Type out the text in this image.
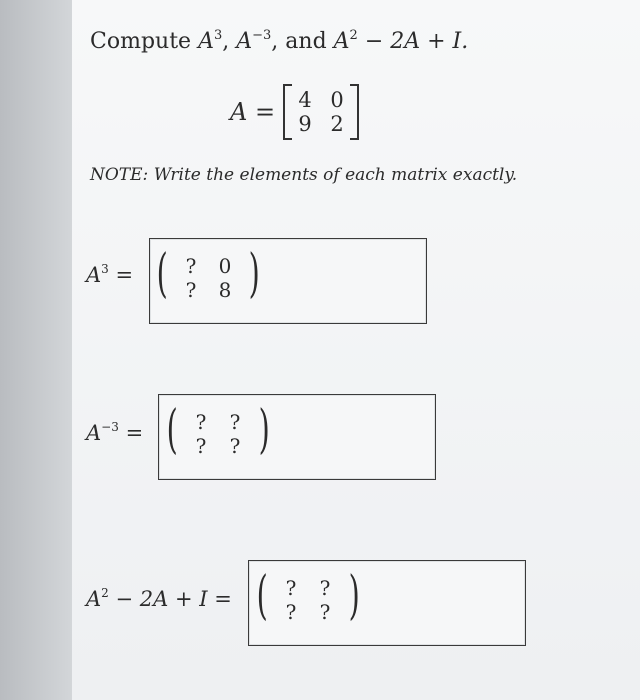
Compute $A^3$, $A^{-3}$, and $A^2 - 2A + I$.
A =	4 0
9 2
NOTE: Write the elements of each matrix exactly.
$A^3$ = ( ?	0
?	8 )
$A^{-3}$ = ( ?	?
?	? )
$A^2 - 2A + I$ = ( ?	?
?	? )
